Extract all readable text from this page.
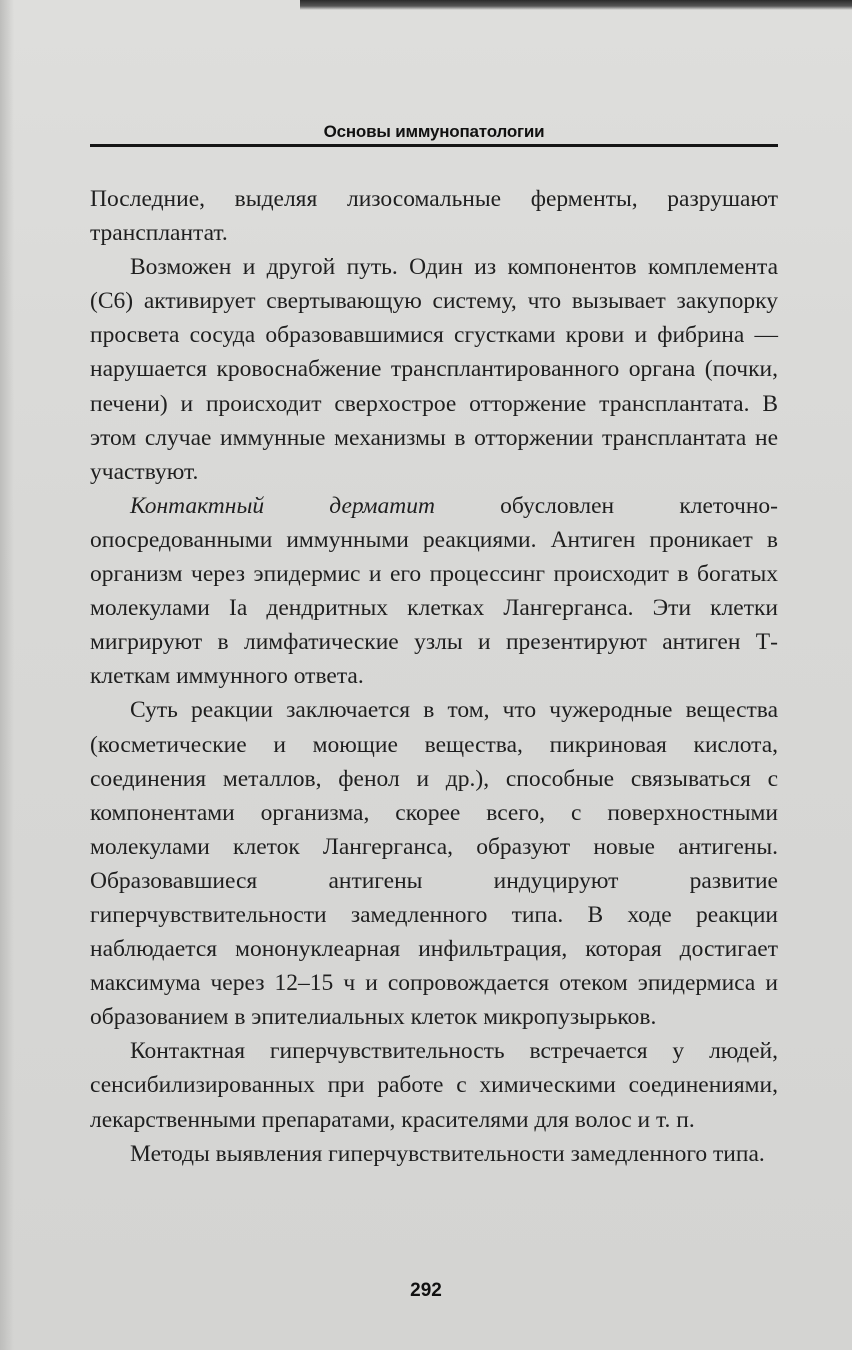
Основы иммунопатологии

Последние, выделяя лизосомальные ферменты, разрушают трансплантат.

Возможен и другой путь. Один из компонентов комплемента (С6) активирует свертывающую систему, что вызывает закупорку просвета сосуда образовавшимися сгустками крови и фибрина — нарушается кровоснабжение трансплантированного органа (почки, печени) и происходит сверхострое отторжение трансплантата. В этом случае иммунные механизмы в отторжении трансплантата не участвуют.

Контактный дерматит обусловлен клеточно-опосредованными иммунными реакциями. Антиген проникает в организм через эпидермис и его процессинг происходит в богатых молекулами Ia дендритных клетках Лангерганса. Эти клетки мигрируют в лимфатические узлы и презентируют антиген Т-клеткам иммунного ответа.

Суть реакции заключается в том, что чужеродные вещества (косметические и моющие вещества, пикриновая кислота, соединения металлов, фенол и др.), способные связываться с компонентами организма, скорее всего, с поверхностными молекулами клеток Лангерганса, образуют новые антигены. Образовавшиеся антигены индуцируют развитие гиперчувствительности замедленного типа. В ходе реакции наблюдается мононуклеарная инфильтрация, которая достигает максимума через 12–15 ч и сопровождается отеком эпидермиса и образованием в эпителиальных клеток микропузырьков.

Контактная гиперчувствительность встречается у людей, сенсибилизированных при работе с химическими соединениями, лекарственными препаратами, красителями для волос и т. п.

Методы выявления гиперчувствительности замедленного типа.

292
